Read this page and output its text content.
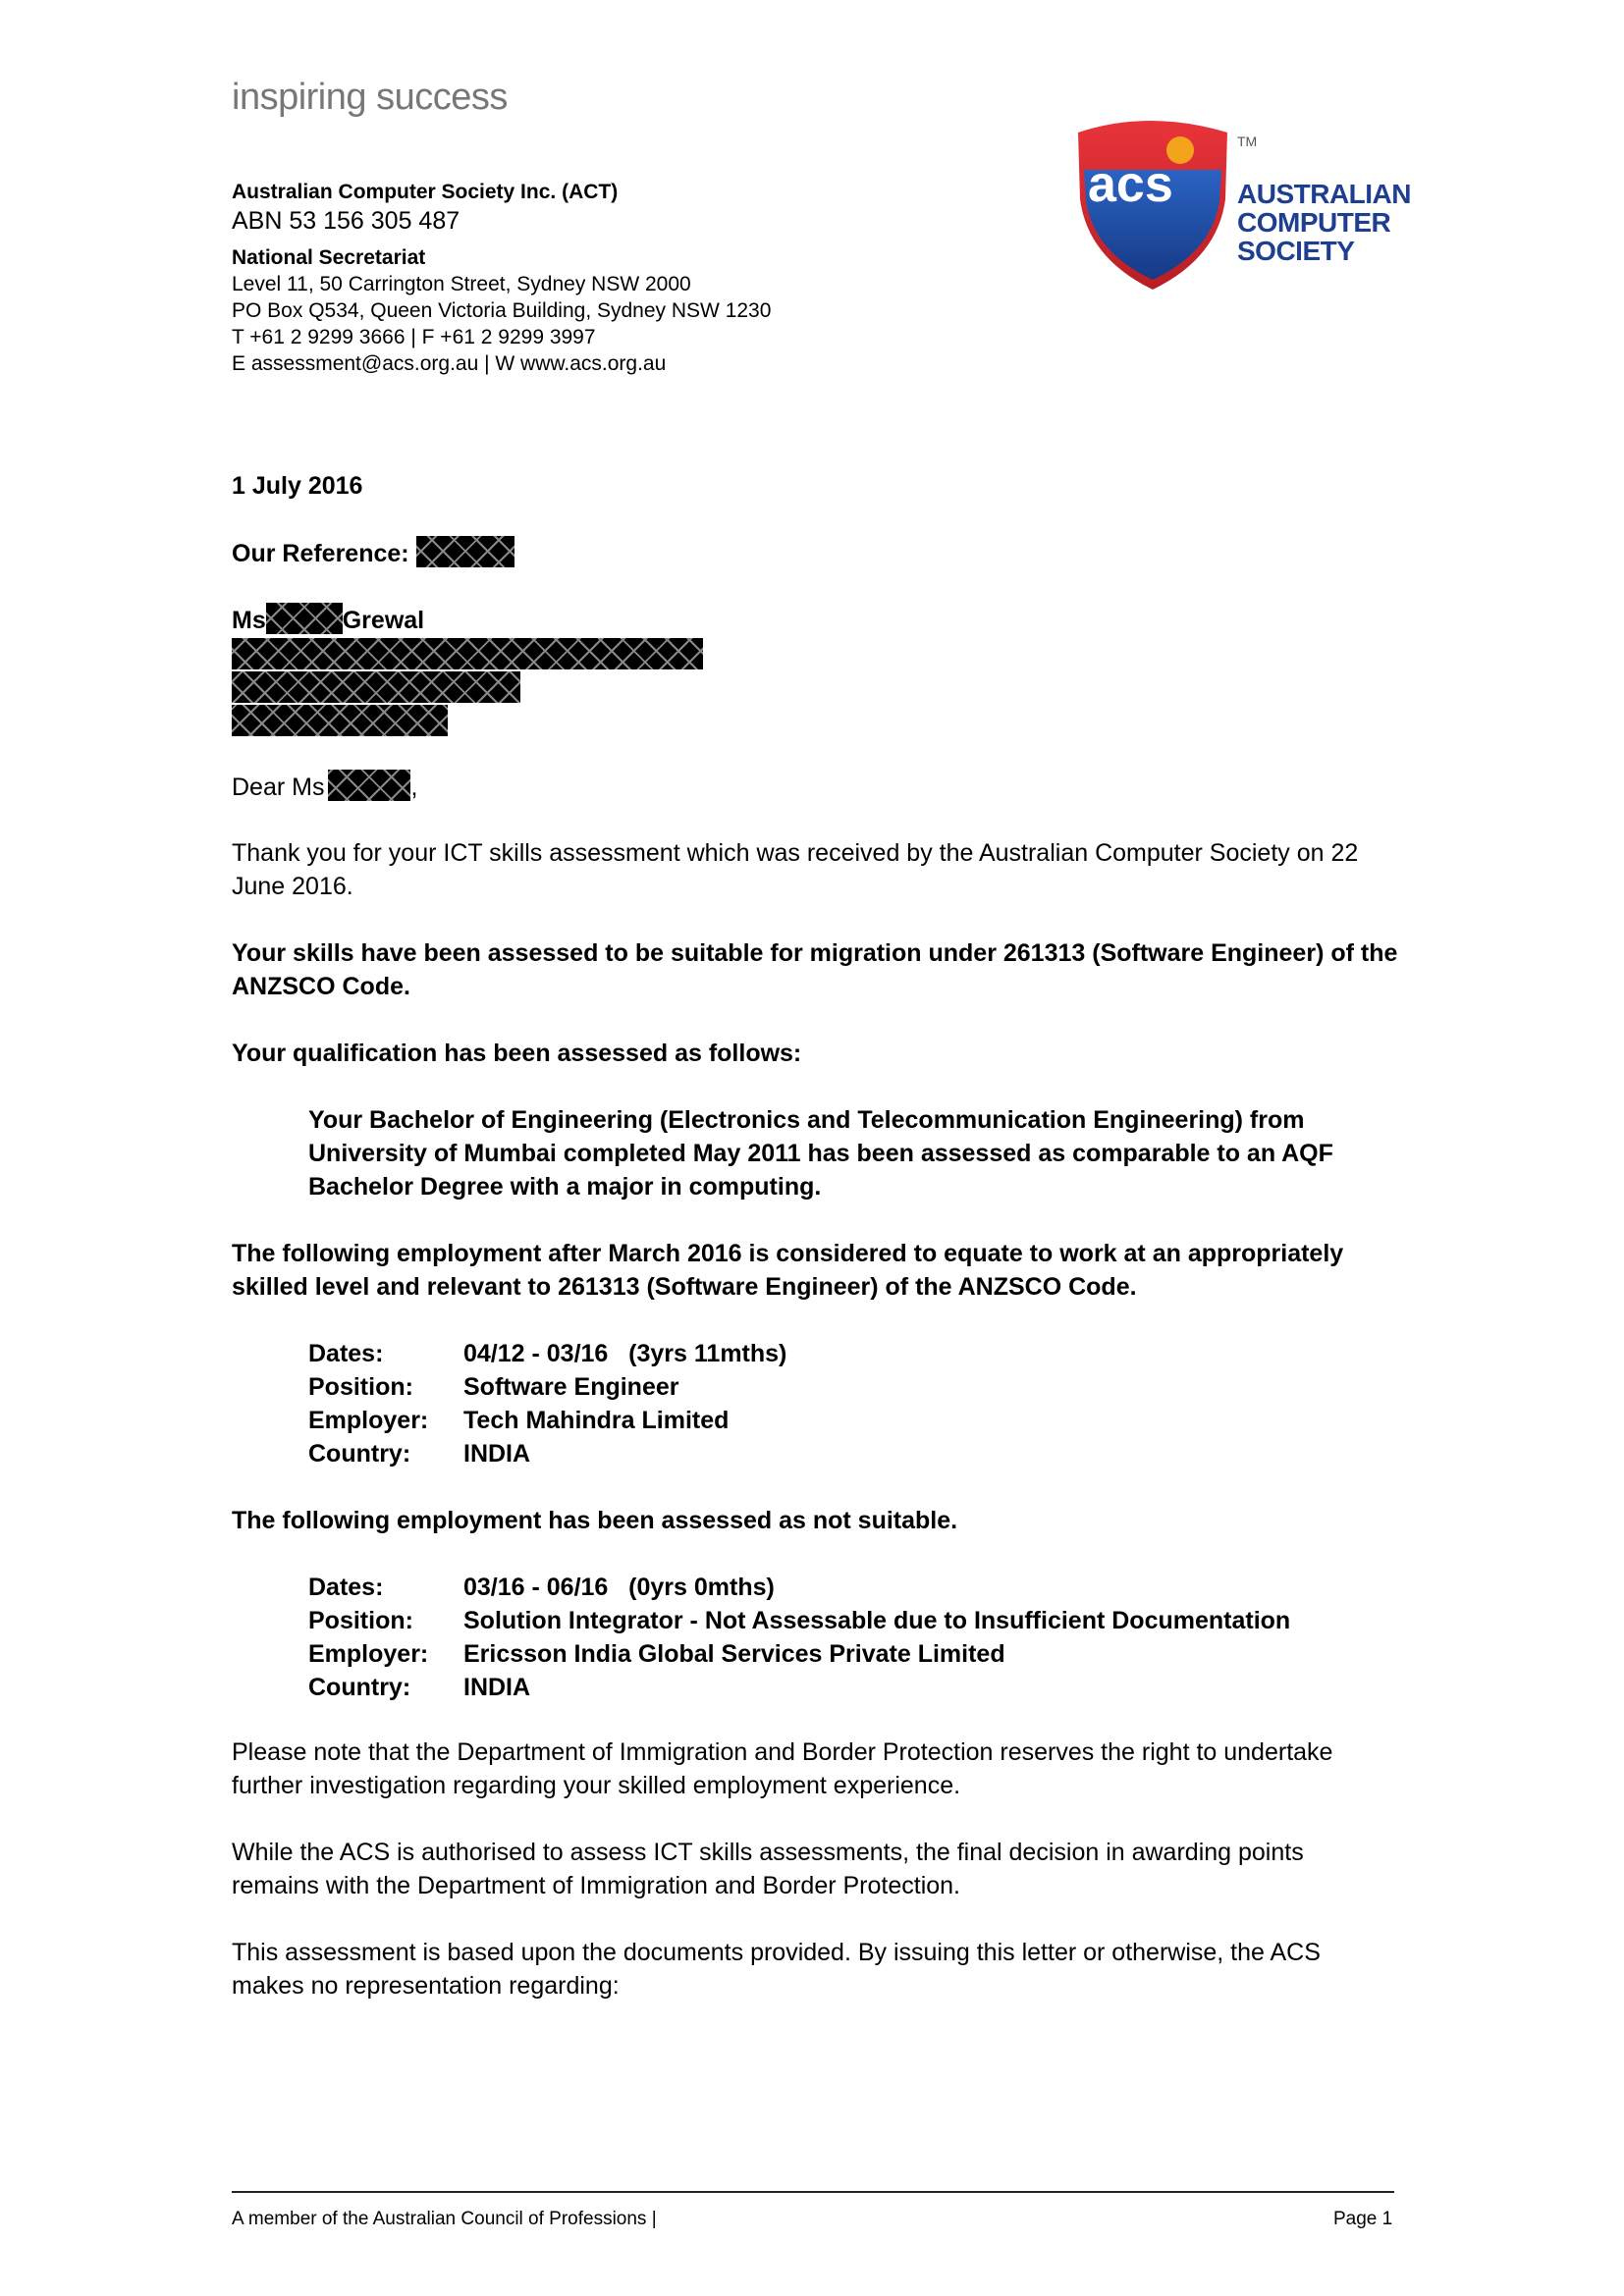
inspiring success
Australian Computer Society Inc. (ACT)
ABN 53 156 305 487
National Secretariat
Level 11, 50 Carrington Street, Sydney NSW 2000
PO Box Q534, Queen Victoria Building, Sydney NSW 1230
T +61 2 9299 3666 | F +61 2 9299 3997
E assessment@acs.org.au | W www.acs.org.au
acs
TM
AUSTRALIAN
COMPUTER
SOCIETY
1 July 2016
Our Reference:
Ms	Grewal
Dear Ms	,

Thank you for your ICT skills assessment which was received by the Australian Computer Society on 22 June 2016.

Your skills have been assessed to be suitable for migration under 261313 (Software Engineer) of the ANZSCO Code.

Your qualification has been assessed as follows:

Your Bachelor of Engineering (Electronics and Telecommunication Engineering) from University of Mumbai completed May 2011 has been assessed as comparable to an AQF Bachelor Degree with a major in computing.

The following employment after March 2016 is considered to equate to work at an appropriately skilled level and relevant to 261313 (Software Engineer) of the ANZSCO Code.

Dates:	04/12 - 03/16   (3yrs 11mths)
Position: Software Engineer
Employer: Tech Mahindra Limited
Country: INDIA

The following employment has been assessed as not suitable.

Dates:	03/16 - 06/16   (0yrs 0mths)
Position: Solution Integrator - Not Assessable due to Insufficient Documentation
Employer: Ericsson India Global Services Private Limited
Country: INDIA

Please note that the Department of Immigration and Border Protection reserves the right to undertake further investigation regarding your skilled employment experience.

While the ACS is authorised to assess ICT skills assessments, the final decision in awarding points remains with the Department of Immigration and Border Protection.

This assessment is based upon the documents provided. By issuing this letter or otherwise, the ACS makes no representation regarding:

A member of the Australian Council of Professions |	Page 1
